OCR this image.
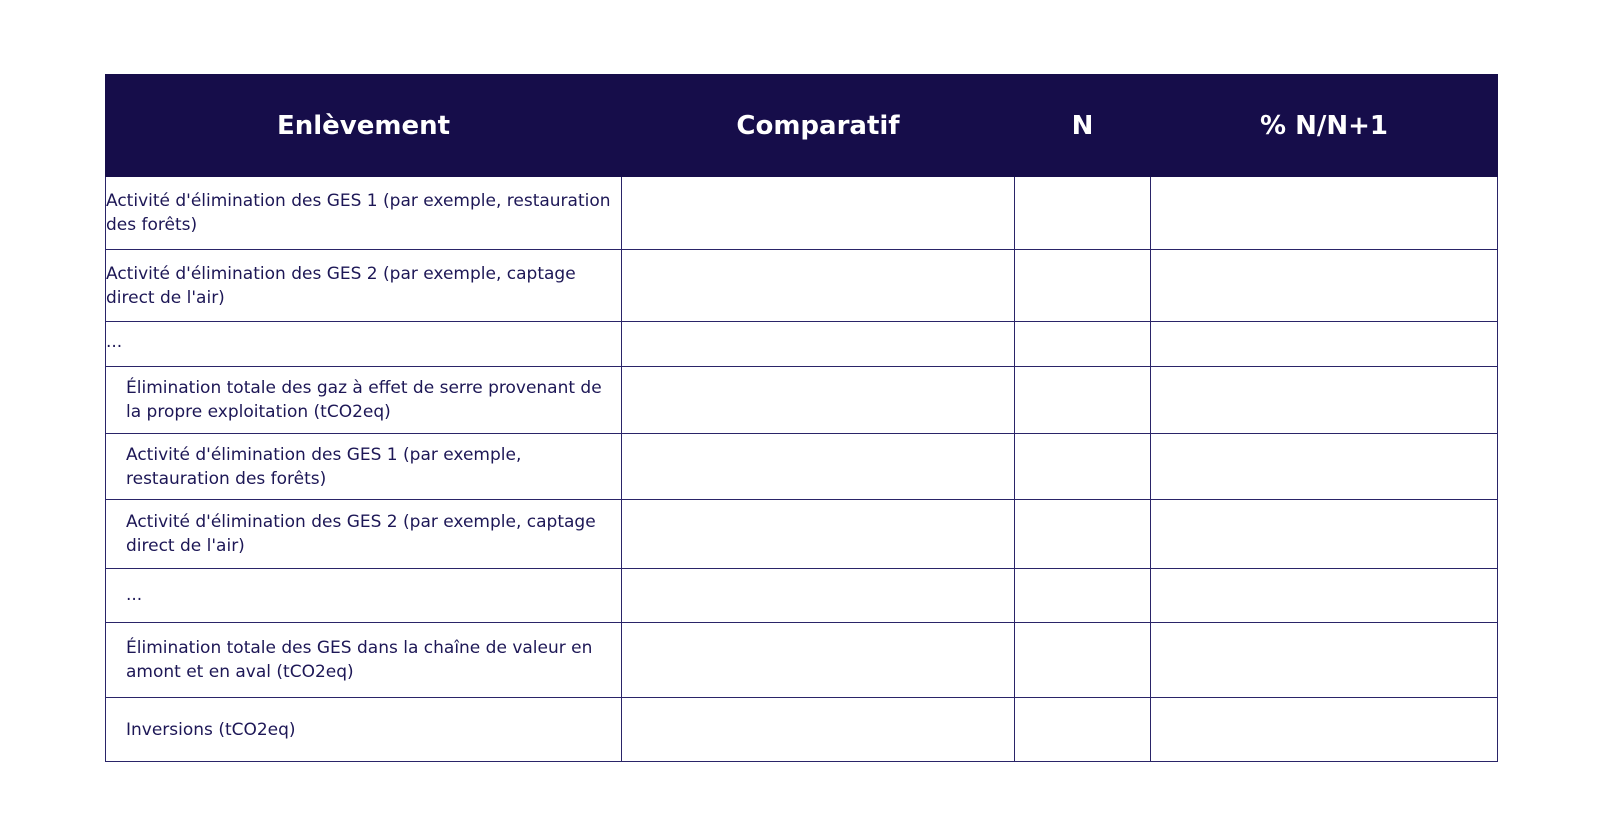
Enlèvement	Comparatif	N	% N/N+1
Activité d'élimination des GES 1 (par exemple, restauration des forêts)			
Activité d'élimination des GES 2 (par exemple, captage direct de l'air)			
...			
Élimination totale des gaz à effet de serre provenant de la propre exploitation (tCO2eq)			
Activité d'élimination des GES 1 (par exemple, restauration des forêts)			
Activité d'élimination des GES 2 (par exemple, captage direct de l'air)			
...			
Élimination totale des GES dans la chaîne de valeur en amont et en aval (tCO2eq)			
Inversions (tCO2eq)			
